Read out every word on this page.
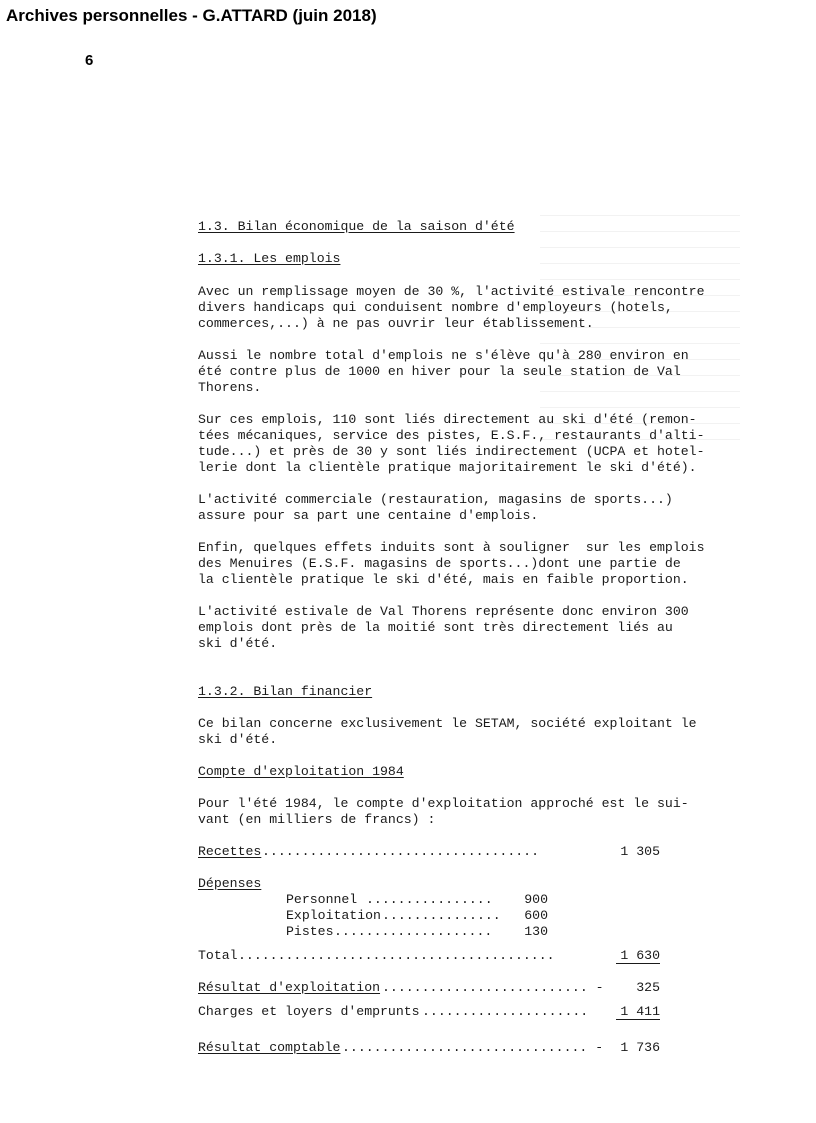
Archives personnelles - G.ATTARD (juin 2018)
6
1.3. Bilan économique de la saison d'été
1.3.1. Les emplois

Avec un remplissage moyen de 30 %, l'activité estivale rencontre
divers handicaps qui conduisent nombre d'employeurs (hotels,
commerces,...) à ne pas ouvrir leur établissement.

Aussi le nombre total d'emplois ne s'élève qu'à 280 environ en
été contre plus de 1000 en hiver pour la seule station de Val
Thorens.

Sur ces emplois, 110 sont liés directement au ski d'été (remon-
tées mécaniques, service des pistes, E.S.F., restaurants d'alti-
tude...) et près de 30 y sont liés indirectement (UCPA et hotel-
lerie dont la clientèle pratique majoritairement le ski d'été).

L'activité commerciale (restauration, magasins de sports...)
assure pour sa part une centaine d'emplois.

Enfin, quelques effets induits sont à souligner  sur les emplois
des Menuires (E.S.F. magasins de sports...)dont une partie de
la clientèle pratique le ski d'été, mais en faible proportion.

L'activité estivale de Val Thorens représente donc environ 300
emplois dont près de la moitié sont très directement liés au
ski d'été.

1.3.2. Bilan financier

Ce bilan concerne exclusivement le SETAM, société exploitant le
ski d'été.

Compte d'exploitation 1984

Pour l'été 1984, le compte d'exploitation approché est le sui-
vant (en milliers de francs) :

Recettes ...................................	1 305
Dépenses
Personnel ................	900
Exploitation ...............	600
Pistes ....................	130
Total ........................................	1 630
Résultat d'exploitation .......................... -	325
Charges et loyers d'emprunts .....................	1 411
Résultat comptable ............................... -	1 736
